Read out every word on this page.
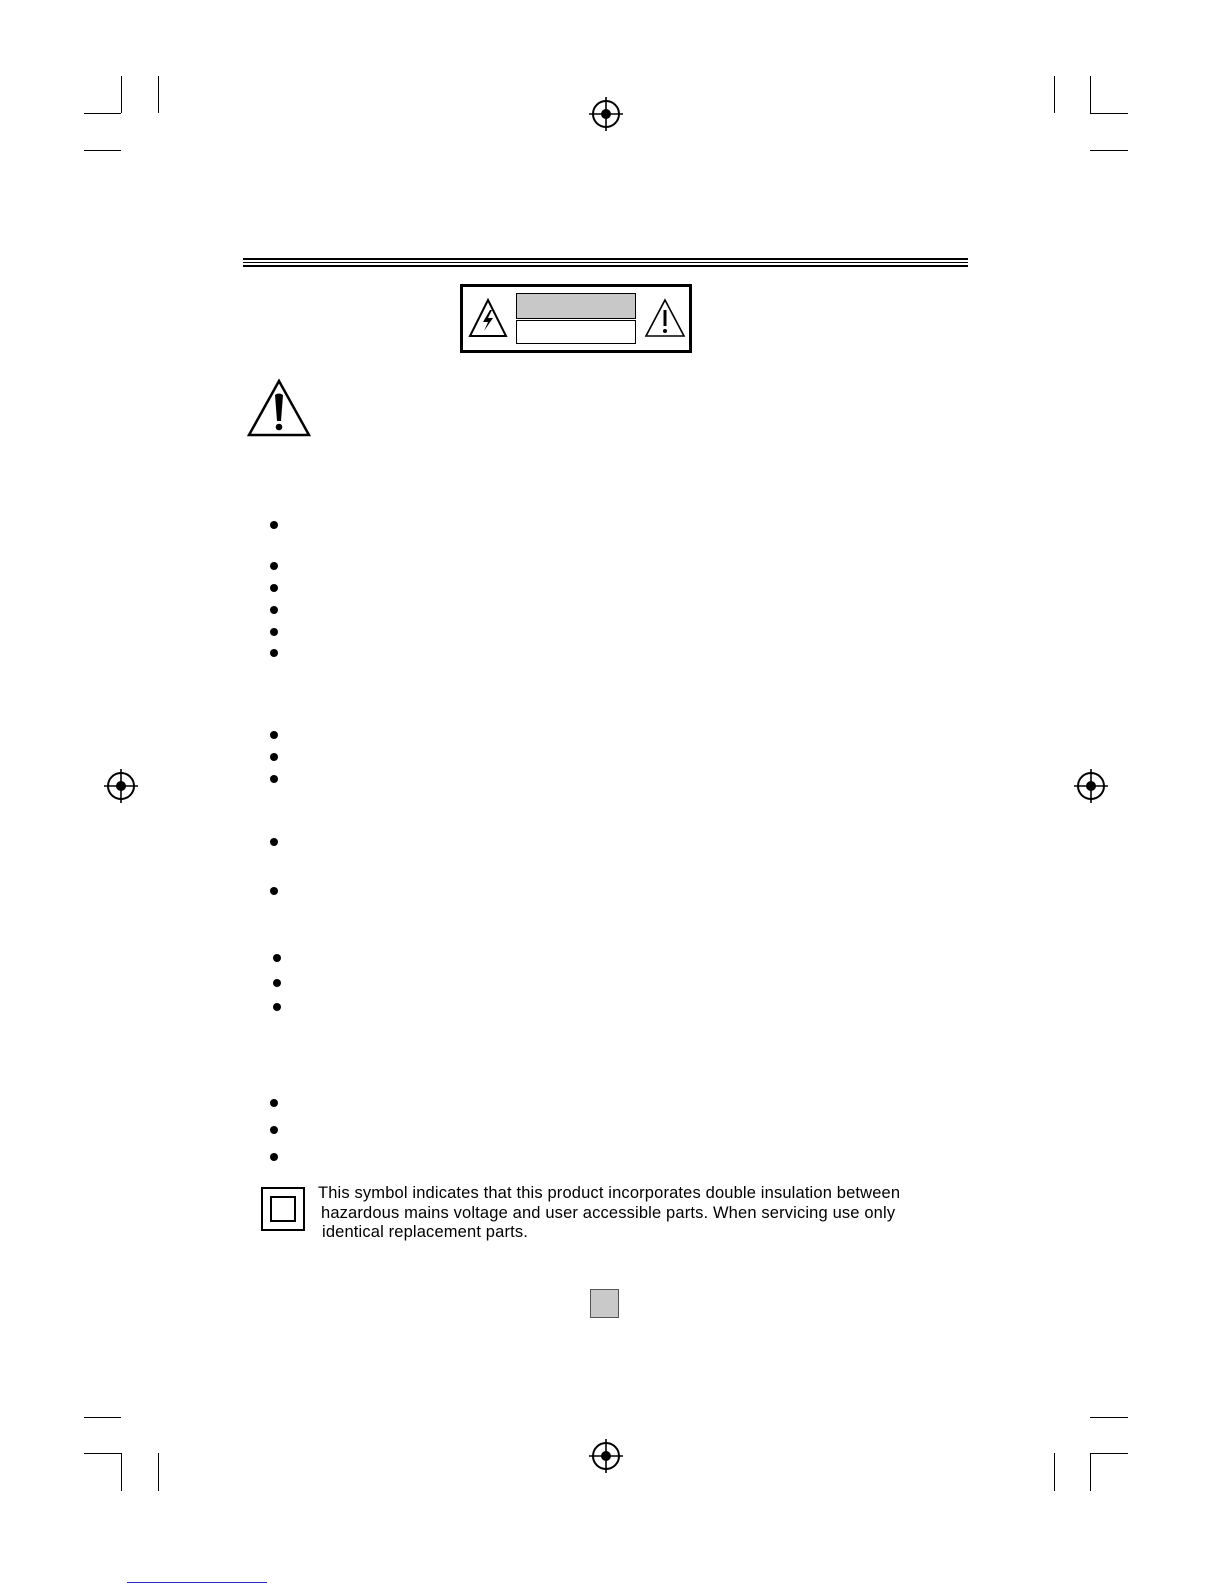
This symbol indicates that this product incorporates double insulation between
hazardous mains voltage and user accessible parts. When servicing use only
identical replacement parts.
